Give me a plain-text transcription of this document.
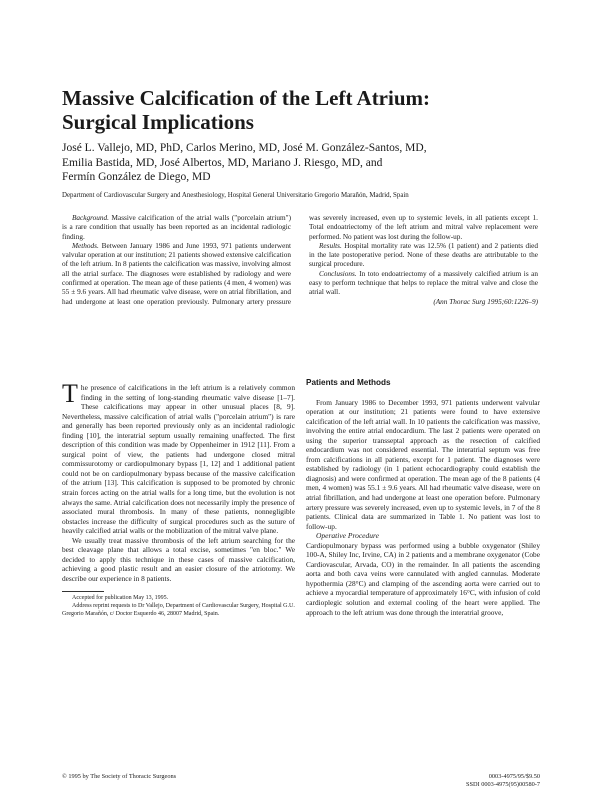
Massive Calcification of the Left Atrium:
Surgical Implications
José L. Vallejo, MD, PhD, Carlos Merino, MD, José M. González-Santos, MD,
Emilia Bastida, MD, José Albertos, MD, Mariano J. Riesgo, MD, and
Fermín González de Diego, MD

Department of Cardiovascular Surgery and Anesthesiology, Hospital General Universitario Gregorio Marañón, Madrid, Spain

Background. Massive calcification of the atrial walls ("porcelain atrium") is a rare condition that usually has been reported as an incidental radiologic finding.

Methods. Between January 1986 and June 1993, 971 patients underwent valvular operation at our institution; 21 patients showed extensive calcification of the left atrium. In 8 patients the calcification was massive, involving almost all the atrial surface. The diagnoses were established by radiology and were confirmed at operation. The mean age of these patients (4 men, 4 women) was 55 ± 9.6 years. All had rheumatic valve disease, were on atrial fibrillation, and had undergone at least one operation previously. Pulmonary artery pressure was severely increased, even up to systemic levels, in all patients except 1. Total endoatriectomy of the left atrium and mitral valve replacement were performed. No patient was lost during the follow-up.

Results. Hospital mortality rate was 12.5% (1 patient) and 2 patients died in the late postoperative period. None of these deaths are attributable to the surgical procedure.

Conclusions. In toto endoatriectomy of a massively calcified atrium is an easy to perform technique that helps to replace the mitral valve and close the atrial wall.

(Ann Thorac Surg 1995;60:1226–9)

The presence of calcifications in the left atrium is a relatively common finding in the setting of long-standing rheumatic valve disease [1–7]. These calcifications may appear in other unusual places [8, 9]. Nevertheless, massive calcification of atrial walls ("porcelain atrium") is rare and generally has been reported previously only as an incidental radiologic finding [10], the interatrial septum usually remaining unaffected. The first description of this condition was made by Oppenheimer in 1912 [11]. From a surgical point of view, the patients had undergone closed mitral commissurotomy or cardiopulmonary bypass [1, 12] and 1 additional patient could not be on cardiopulmonary bypass because of the massive calcification of the atrium [13]. This calcification is supposed to be promoted by chronic strain forces acting on the atrial walls for a long time, but the evolution is not always the same. Atrial calcification does not necessarily imply the presence of associated mural thrombosis. In many of these patients, nonnegligible obstacles increase the difficulty of surgical procedures such as the suture of heavily calcified atrial walls or the mobilization of the mitral valve plane.

We usually treat massive thrombosis of the left atrium searching for the best cleavage plane that allows a total excise, sometimes "en bloc." We decided to apply this technique in these cases of massive calcification, achieving a good plastic result and an easier closure of the atriotomy. We describe our experience in 8 patients.

Accepted for publication May 13, 1995.

Address reprint requests to Dr Vallejo, Department of Cardiovascular Surgery, Hospital G.U. Gregorio Marañón, c/ Doctor Esquerdo 46, 28007 Madrid, Spain.

Patients and Methods

From January 1986 to December 1993, 971 patients underwent valvular operation at our institution; 21 patients were found to have extensive calcification of the left atrial wall. In 10 patients the calcification was massive, involving the entire atrial endocardium. The last 2 patients were operated on using the superior transseptal approach as the resection of calcified endocardium was not considered essential. The interatrial septum was free from calcifications in all patients, except for 1 patient. The diagnoses were established by radiology (in 1 patient echocardiography could establish the diagnosis) and were confirmed at operation. The mean age of the 8 patients (4 men, 4 women) was 55.1 ± 9.6 years. All had rheumatic valve disease, were on atrial fibrillation, and had undergone at least one operation before. Pulmonary artery pressure was severely increased, even up to systemic levels, in 7 of the 8 patients. Clinical data are summarized in Table 1. No patient was lost to follow-up.

Operative Procedure

Cardiopulmonary bypass was performed using a bubble oxygenator (Shiley 100-A, Shiley Inc, Irvine, CA) in 2 patients and a membrane oxygenator (Cobe Cardiovascular, Arvada, CO) in the remainder. In all patients the ascending aorta and both cava veins were cannulated with angled cannulas. Moderate hypothermia (28°C) and clamping of the ascending aorta were carried out to achieve a myocardial temperature of approximately 16°C, with infusion of cold cardioplegic solution and external cooling of the heart were applied. The approach to the left atrium was done through the interatrial groove,

© 1995 by The Society of Thoracic Surgeons	0003-4975/95/$9.50
SSDI 0003-4975(95)00580-7
